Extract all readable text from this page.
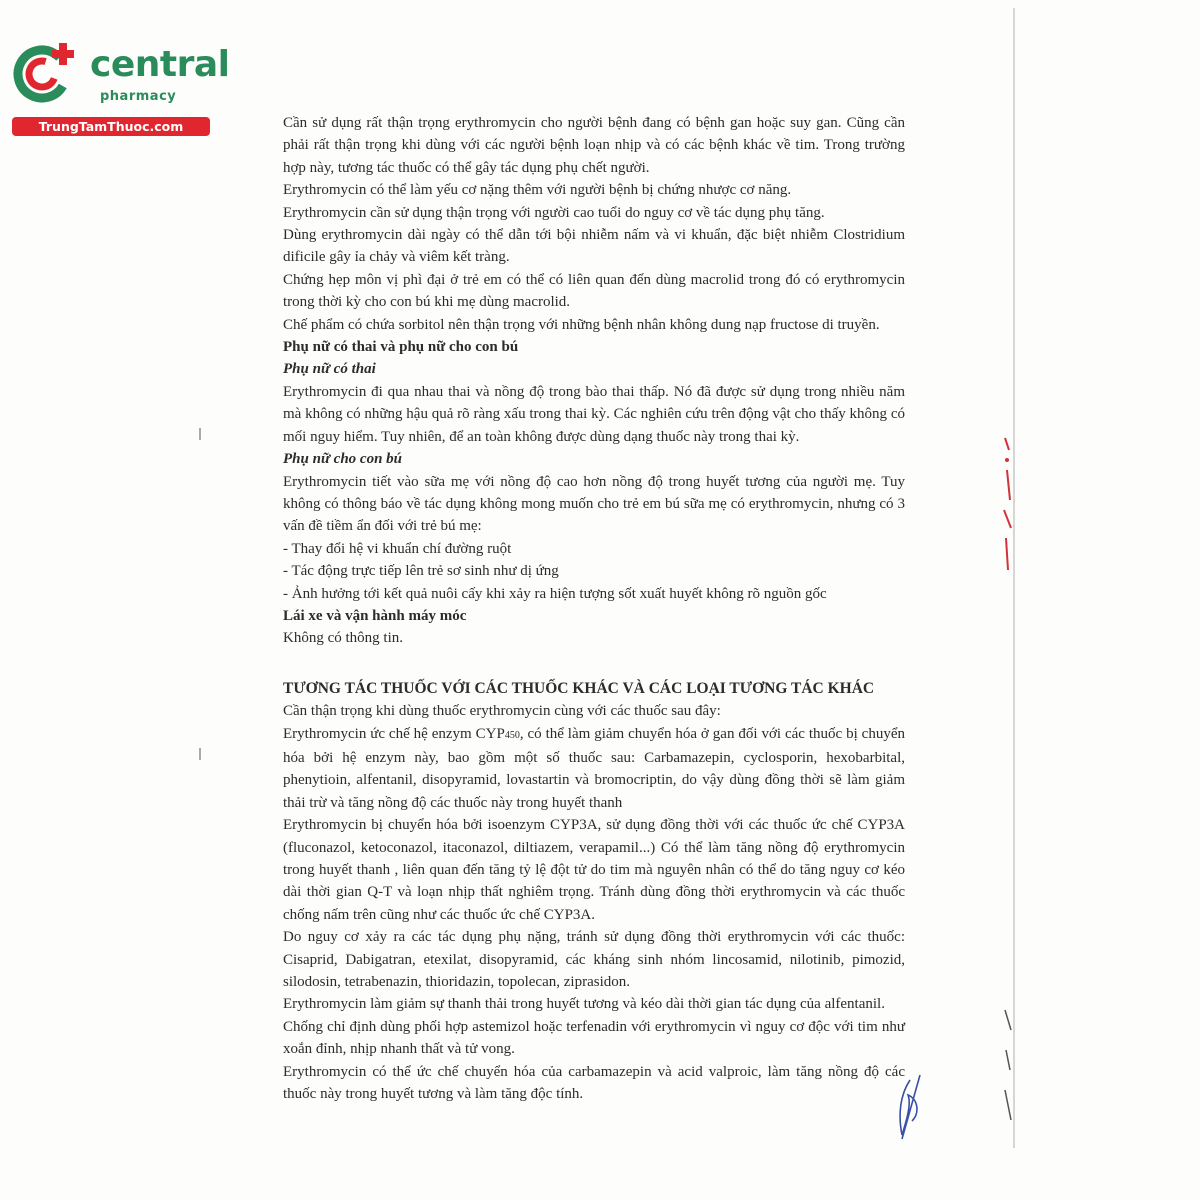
central
pharmacy
TrungTamThuoc.com	Cần sử dụng rất thận trọng erythromycin cho người bệnh đang có bệnh gan hoặc suy gan. Cũng cần phải rất thận trọng khi dùng với các người bệnh loạn nhịp và có các bệnh khác về tim. Trong trường hợp này, tương tác thuốc có thể gây tác dụng phụ chết người.

Erythromycin có thể làm yếu cơ nặng thêm với người bệnh bị chứng nhược cơ năng.

Erythromycin cần sử dụng thận trọng với người cao tuổi do nguy cơ về tác dụng phụ tăng.

Dùng erythromycin dài ngày có thể dẫn tới bội nhiễm nấm và vi khuẩn, đặc biệt nhiễm Clostridium dificile gây ỉa chảy và viêm kết tràng.

Chứng hẹp môn vị phì đại ở trẻ em có thể có liên quan đến dùng macrolid trong đó có erythromycin trong thời kỳ cho con bú khi mẹ dùng macrolid.

Chế phẩm có chứa sorbitol nên thận trọng với những bệnh nhân không dung nạp fructose di truyền.

Phụ nữ có thai và phụ nữ cho con bú

Phụ nữ có thai

Erythromycin đi qua nhau thai và nồng độ trong bào thai thấp. Nó đã được sử dụng trong nhiều năm mà không có những hậu quả rõ ràng xấu trong thai kỳ. Các nghiên cứu trên động vật cho thấy không có mối nguy hiểm. Tuy nhiên, để an toàn không được dùng dạng thuốc này trong thai kỳ.

Phụ nữ cho con bú

Erythromycin tiết vào sữa mẹ với nồng độ cao hơn nồng độ trong huyết tương của người mẹ. Tuy không có thông báo về tác dụng không mong muốn cho trẻ em bú sữa mẹ có erythromycin, nhưng có 3 vấn đề tiềm ẩn đối với trẻ bú mẹ:

- Thay đổi hệ vi khuẩn chí đường ruột

- Tác động trực tiếp lên trẻ sơ sinh như dị ứng

- Ảnh hưởng tới kết quả nuôi cấy khi xảy ra hiện tượng sốt xuất huyết không rõ nguồn gốc

Lái xe và vận hành máy móc

Không có thông tin.

TƯƠNG TÁC THUỐC VỚI CÁC THUỐC KHÁC VÀ CÁC LOẠI TƯƠNG TÁC KHÁC

Cần thận trọng khi dùng thuốc erythromycin cùng với các thuốc sau đây:

Erythromycin ức chế hệ enzym CYP450, có thể làm giảm chuyển hóa ở gan đối với các thuốc bị chuyển hóa bởi hệ enzym này, bao gồm một số thuốc sau: Carbamazepin, cyclosporin, hexobarbital, phenytioin, alfentanil, disopyramid, lovastartin và bromocriptin, do vậy dùng đồng thời sẽ làm giảm thải trừ và tăng nồng độ các thuốc này trong huyết thanh

Erythromycin bị chuyển hóa bởi isoenzym CYP3A, sử dụng đồng thời với các thuốc ức chế CYP3A (fluconazol, ketoconazol, itaconazol, diltiazem, verapamil...) Có thể làm tăng nồng độ erythromycin trong huyết thanh , liên quan đến tăng tỷ lệ đột tử do tim mà nguyên nhân có thể do tăng nguy cơ kéo dài thời gian Q-T và loạn nhịp thất nghiêm trọng. Tránh dùng đồng thời erythromycin và các thuốc chống nấm trên cũng như các thuốc ức chế CYP3A.

Do nguy cơ xảy ra các tác dụng phụ nặng, tránh sử dụng đồng thời erythromycin với các thuốc: Cisaprid, Dabigatran, etexilat, disopyramid, các kháng sinh nhóm lincosamid, nilotinib, pimozid, silodosin, tetrabenazin, thioridazin, topolecan, ziprasidon.

Erythromycin làm giảm sự thanh thải trong huyết tương và kéo dài thời gian tác dụng của alfentanil.

Chống chỉ định dùng phối hợp astemizol hoặc terfenadin với erythromycin vì nguy cơ độc với tim như xoắn đỉnh, nhịp nhanh thất và tử vong.

Erythromycin có thể ức chế chuyển hóa của carbamazepin và acid valproic, làm tăng nồng độ các thuốc này trong huyết tương và làm tăng độc tính.
